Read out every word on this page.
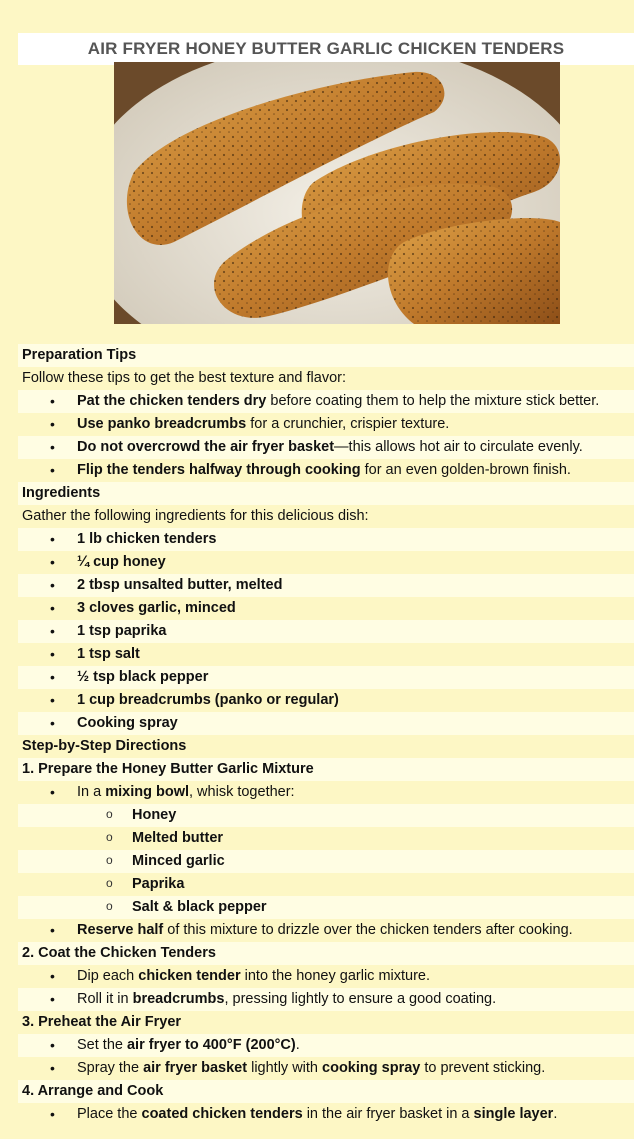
AIR FRYER HONEY BUTTER GARLIC CHICKEN TENDERS
Preparation Tips
Follow these tips to get the best texture and flavor:
• Pat the chicken tenders dry before coating them to help the mixture stick better.
• Use panko breadcrumbs for a crunchier, crispier texture.
• Do not overcrowd the air fryer basket—this allows hot air to circulate evenly.
• Flip the tenders halfway through cooking for an even golden-brown finish.
Ingredients
Gather the following ingredients for this delicious dish:
• 1 lb chicken tenders
• ¼ cup honey
• 2 tbsp unsalted butter, melted
• 3 cloves garlic, minced
• 1 tsp paprika
• 1 tsp salt
• ½ tsp black pepper
• 1 cup breadcrumbs (panko or regular)
• Cooking spray
Step-by-Step Directions
1. Prepare the Honey Butter Garlic Mixture
• In a mixing bowl, whisk together:
o Honey
o Melted butter
o Minced garlic
o Paprika
o Salt & black pepper
• Reserve half of this mixture to drizzle over the chicken tenders after cooking.
2. Coat the Chicken Tenders
• Dip each chicken tender into the honey garlic mixture.
• Roll it in breadcrumbs, pressing lightly to ensure a good coating.
3. Preheat the Air Fryer
• Set the air fryer to 400°F (200°C).
• Spray the air fryer basket lightly with cooking spray to prevent sticking.
4. Arrange and Cook
• Place the coated chicken tenders in the air fryer basket in a single layer.
